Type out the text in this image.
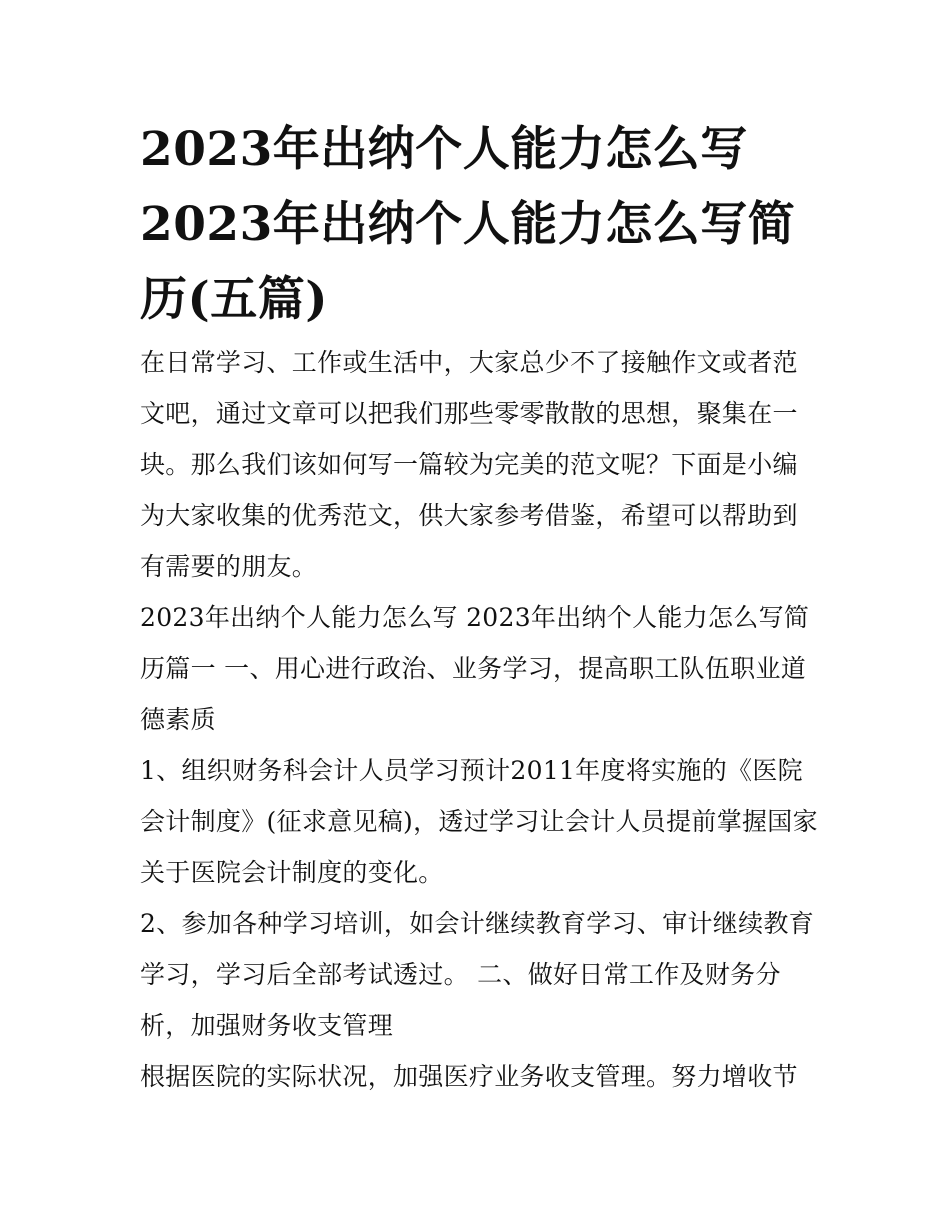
2023年出纳个人能力怎么写 2023年出纳个人能力怎么写简历(五篇)

在日常学习、工作或生活中，大家总少不了接触作文或者范文吧，通过文章可以把我们那些零零散散的思想，聚集在一块。那么我们该如何写一篇较为完美的范文呢？下面是小编为大家收集的优秀范文，供大家参考借鉴，希望可以帮助到有需要的朋友。

2023年出纳个人能力怎么写 2023年出纳个人能力怎么写简历篇一 一、用心进行政治、业务学习，提高职工队伍职业道德素质

1、组织财务科会计人员学习预计2011年度将实施的《医院会计制度》(征求意见稿)，透过学习让会计人员提前掌握国家关于医院会计制度的变化。

2、参加各种学习培训，如会计继续教育学习、审计继续教育学习，学习后全部考试透过。 二、做好日常工作及财务分析，加强财务收支管理

根据医院的实际状况，加强医疗业务收支管理。努力增收节
